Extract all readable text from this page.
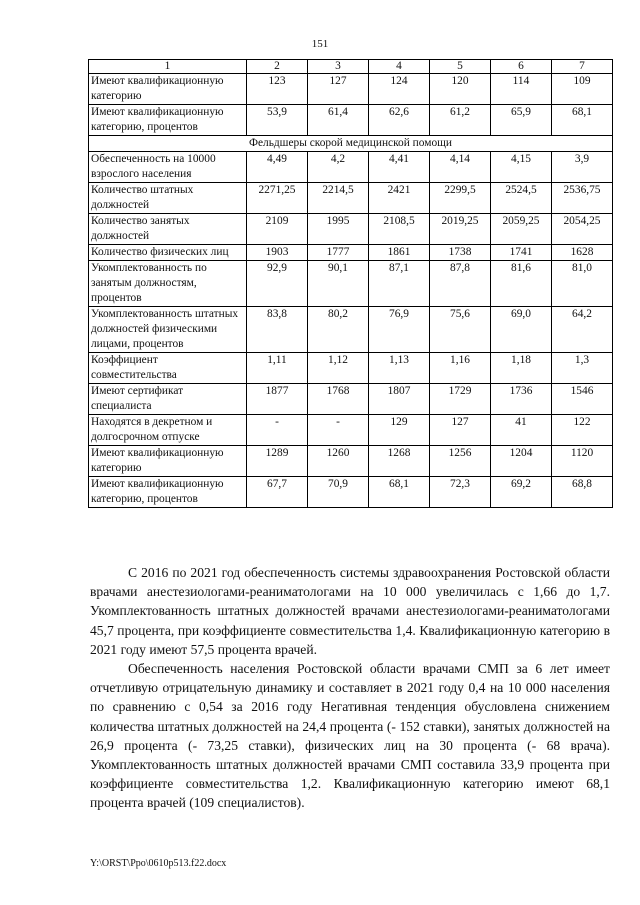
151
1	2	3	4	5	6	7
Имеют квалификационную категорию	123	127	124	120	114	109
Имеют квалификационную категорию, процентов	53,9	61,4	62,6	61,2	65,9	68,1
Фельдшеры скорой медицинской помощи						
Обеспеченность на 10000 взрослого населения	4,49	4,2	4,41	4,14	4,15	3,9
Количество штатных должностей	2271,25	2214,5	2421	2299,5	2524,5	2536,75
Количество занятых должностей	2109	1995	2108,5	2019,25	2059,25	2054,25
Количество физических лиц	1903	1777	1861	1738	1741	1628
Укомплектованность по занятым должностям, процентов	92,9	90,1	87,1	87,8	81,6	81,0
Укомплектованность штатных должностей физическими лицами, процентов	83,8	80,2	76,9	75,6	69,0	64,2
Коэффициент совместительства	1,11	1,12	1,13	1,16	1,18	1,3
Имеют сертификат специалиста	1877	1768	1807	1729	1736	1546
Находятся в декретном и долгосрочном отпуске	-	-	129	127	41	122
Имеют квалификационную категорию	1289	1260	1268	1256	1204	1120
Имеют квалификационную категорию, процентов	67,7	70,9	68,1	72,3	69,2	68,8

С 2016 по 2021 год обеспеченность системы здравоохранения Ростовской области врачами анестезиологами-реаниматологами на 10 000 увеличилась с 1,66 до 1,7. Укомплектованность штатных должностей врачами анестезиологами-реаниматологами 45,7 процента, при коэффициенте совместительства 1,4. Квалификационную категорию в 2021 году имеют 57,5 процента врачей.

Обеспеченность населения Ростовской области врачами СМП за 6 лет имеет отчетливую отрицательную динамику и составляет в 2021 году 0,4 на 10 000 населения по сравнению с 0,54 за 2016 году Негативная тенденция обусловлена снижением количества штатных должностей на 24,4 процента (- 152 ставки), занятых должностей на 26,9 процента (- 73,25 ставки), физических лиц на 30 процента (- 68 врача). Укомплектованность штатных должностей врачами СМП составила 33,9 процента при коэффициенте совместительства 1,2. Квалификационную категорию имеют 68,1 процента врачей (109 специалистов).

Y:\ORST\Ppo\0610p513.f22.docx
